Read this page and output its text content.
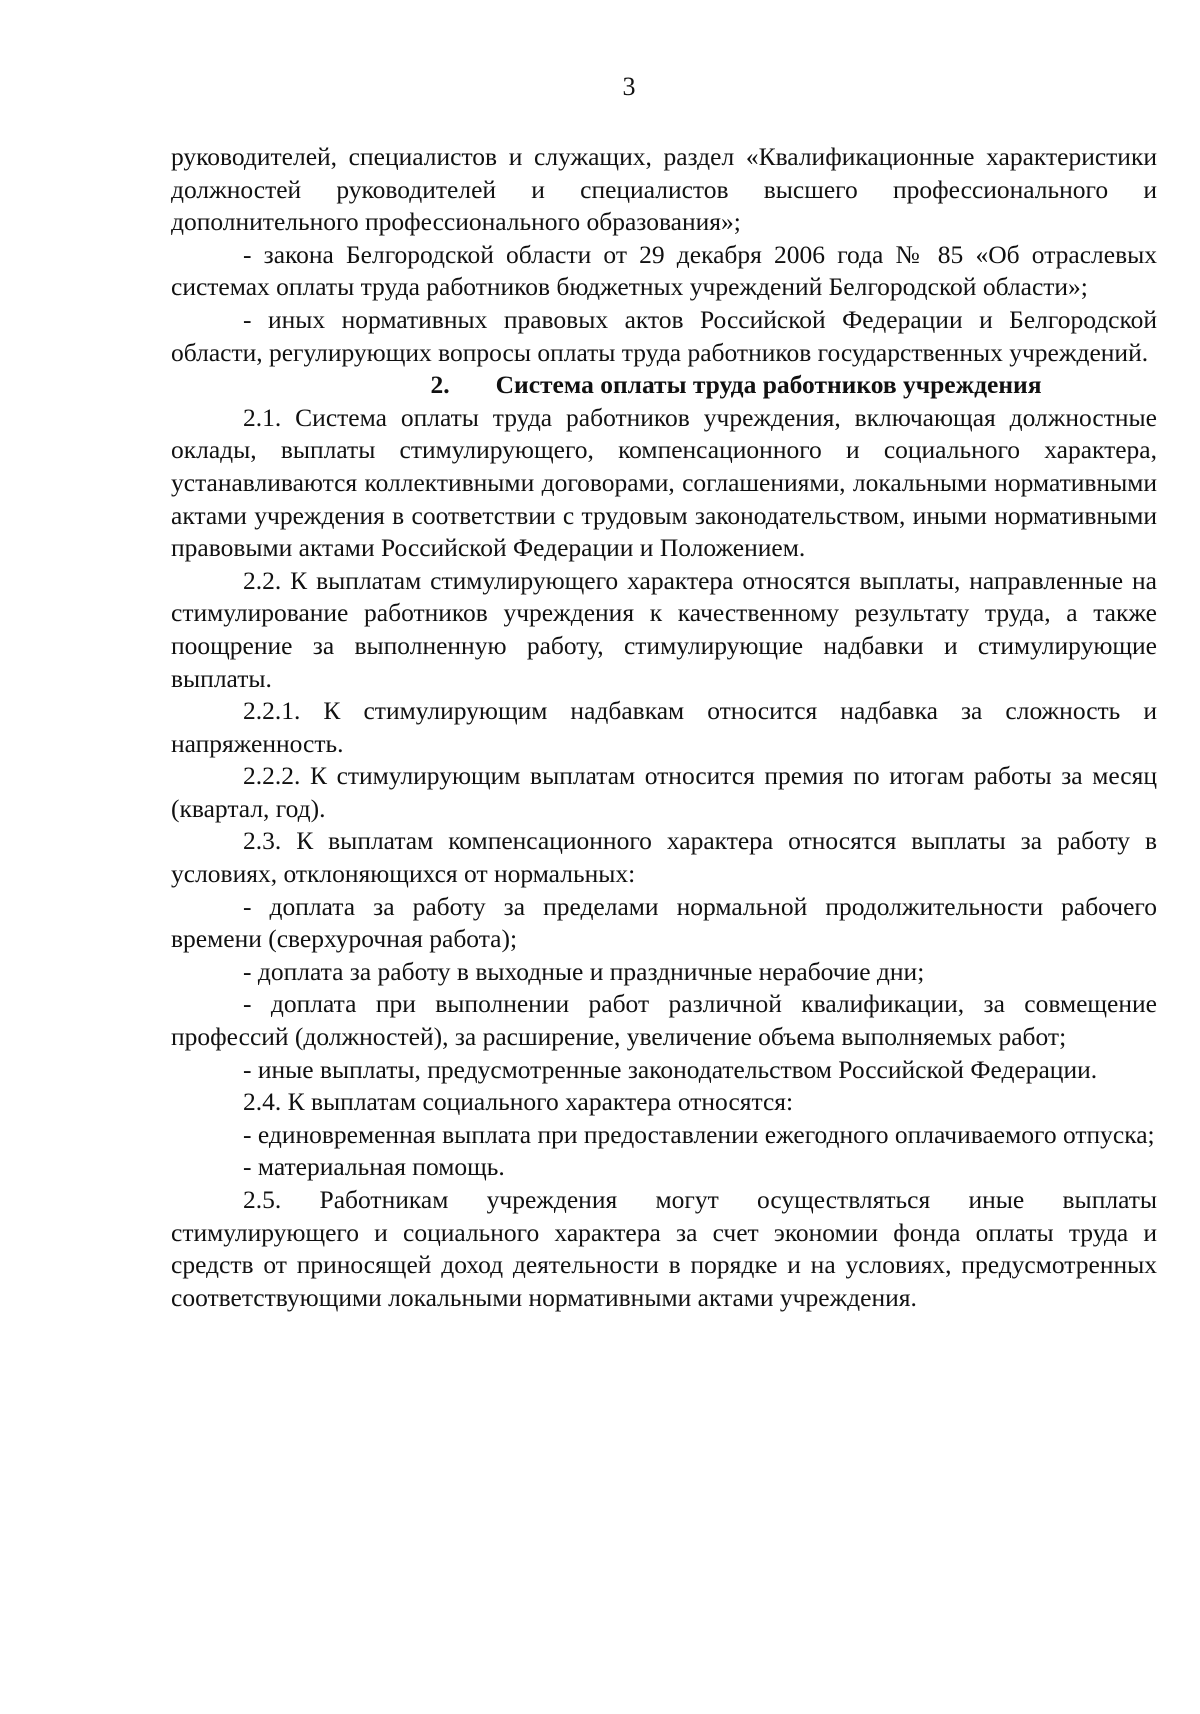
3

руководителей, специалистов и служащих, раздел «Квалификационные характеристики должностей руководителей и специалистов высшего профессионального и дополнительного профессионального образования»;

- закона Белгородской области от 29 декабря 2006 года № 85 «Об отраслевых системах оплаты труда работников бюджетных учреждений Белгородской области»;

- иных нормативных правовых актов Российской Федерации и Белгородской области, регулирующих вопросы оплаты труда работников государственных учреждений.

2. Система оплаты труда работников учреждения

2.1. Система оплаты труда работников учреждения, включающая должностные оклады, выплаты стимулирующего, компенсационного и социального характера, устанавливаются коллективными договорами, соглашениями, локальными нормативными актами учреждения в соответствии с трудовым законодательством, иными нормативными правовыми актами Российской Федерации и Положением.

2.2. К выплатам стимулирующего характера относятся выплаты, направленные на стимулирование работников учреждения к качественному результату труда, а также поощрение за выполненную работу, стимулирующие надбавки и стимулирующие выплаты.

2.2.1. К стимулирующим надбавкам относится надбавка за сложность и напряженность.

2.2.2. К стимулирующим выплатам относится премия по итогам работы за месяц (квартал, год).

2.3. К выплатам компенсационного характера относятся выплаты за работу в условиях, отклоняющихся от нормальных:

- доплата за работу за пределами нормальной продолжительности рабочего времени (сверхурочная работа);

- доплата за работу в выходные и праздничные нерабочие дни;

- доплата при выполнении работ различной квалификации, за совмещение профессий (должностей), за расширение, увеличение объема выполняемых работ;

- иные выплаты, предусмотренные законодательством Российской Федерации.

2.4. К выплатам социального характера относятся:

- единовременная выплата при предоставлении ежегодного оплачиваемого отпуска;

- материальная помощь.

2.5. Работникам учреждения могут осуществляться иные выплаты стимулирующего и социального характера за счет экономии фонда оплаты труда и средств от приносящей доход деятельности в порядке и на условиях, предусмотренных соответствующими локальными нормативными актами учреждения.
